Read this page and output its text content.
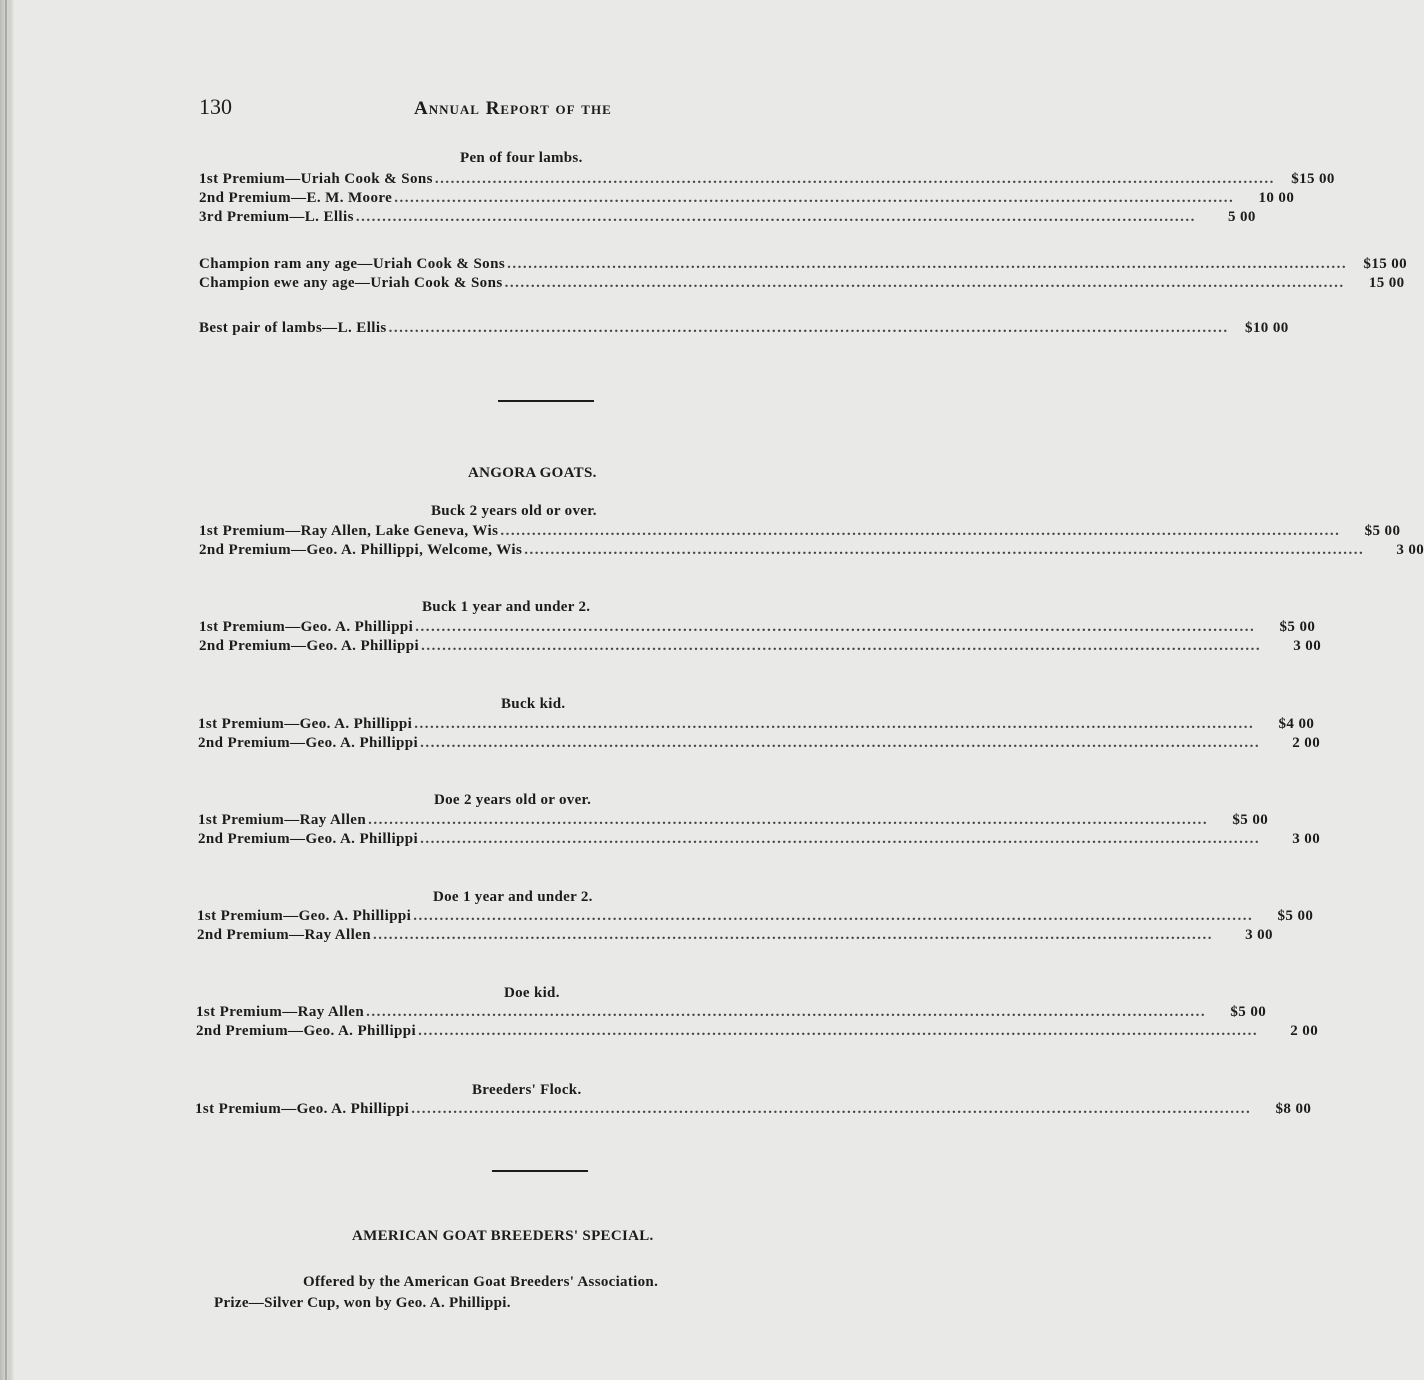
130	Annual Report of the
Pen of four lambs.
1st Premium—Uriah Cook & Sons ................................................................................................................................................................	$15 00
2nd Premium—E. M. Moore ................................................................................................................................................................	10 00
3rd Premium—L. Ellis ................................................................................................................................................................	5 00
Champion ram any age—Uriah Cook & Sons ................................................................................................................................................................	$15 00
Champion ewe any age—Uriah Cook & Sons ................................................................................................................................................................	15 00
Best pair of lambs—L. Ellis ................................................................................................................................................................	$10 00
ANGORA GOATS.
Buck 2 years old or over.
1st Premium—Ray Allen, Lake Geneva, Wis ................................................................................................................................................................	$5 00
2nd Premium—Geo. A. Phillippi, Welcome, Wis ................................................................................................................................................................	3 00
Buck 1 year and under 2.
1st Premium—Geo. A. Phillippi ................................................................................................................................................................	$5 00
2nd Premium—Geo. A. Phillippi ................................................................................................................................................................	3 00
Buck kid.
1st Premium—Geo. A. Phillippi ................................................................................................................................................................	$4 00
2nd Premium—Geo. A. Phillippi ................................................................................................................................................................	2 00
Doe 2 years old or over.
1st Premium—Ray Allen ................................................................................................................................................................	$5 00
2nd Premium—Geo. A. Phillippi ................................................................................................................................................................	3 00
Doe 1 year and under 2.
1st Premium—Geo. A. Phillippi ................................................................................................................................................................	$5 00
2nd Premium—Ray Allen ................................................................................................................................................................	3 00
Doe kid.
1st Premium—Ray Allen ................................................................................................................................................................	$5 00
2nd Premium—Geo. A. Phillippi ................................................................................................................................................................	2 00
Breeders' Flock.
1st Premium—Geo. A. Phillippi ................................................................................................................................................................	$8 00
AMERICAN GOAT BREEDERS' SPECIAL.
Offered by the American Goat Breeders' Association.
Prize—Silver Cup, won by Geo. A. Phillippi.
